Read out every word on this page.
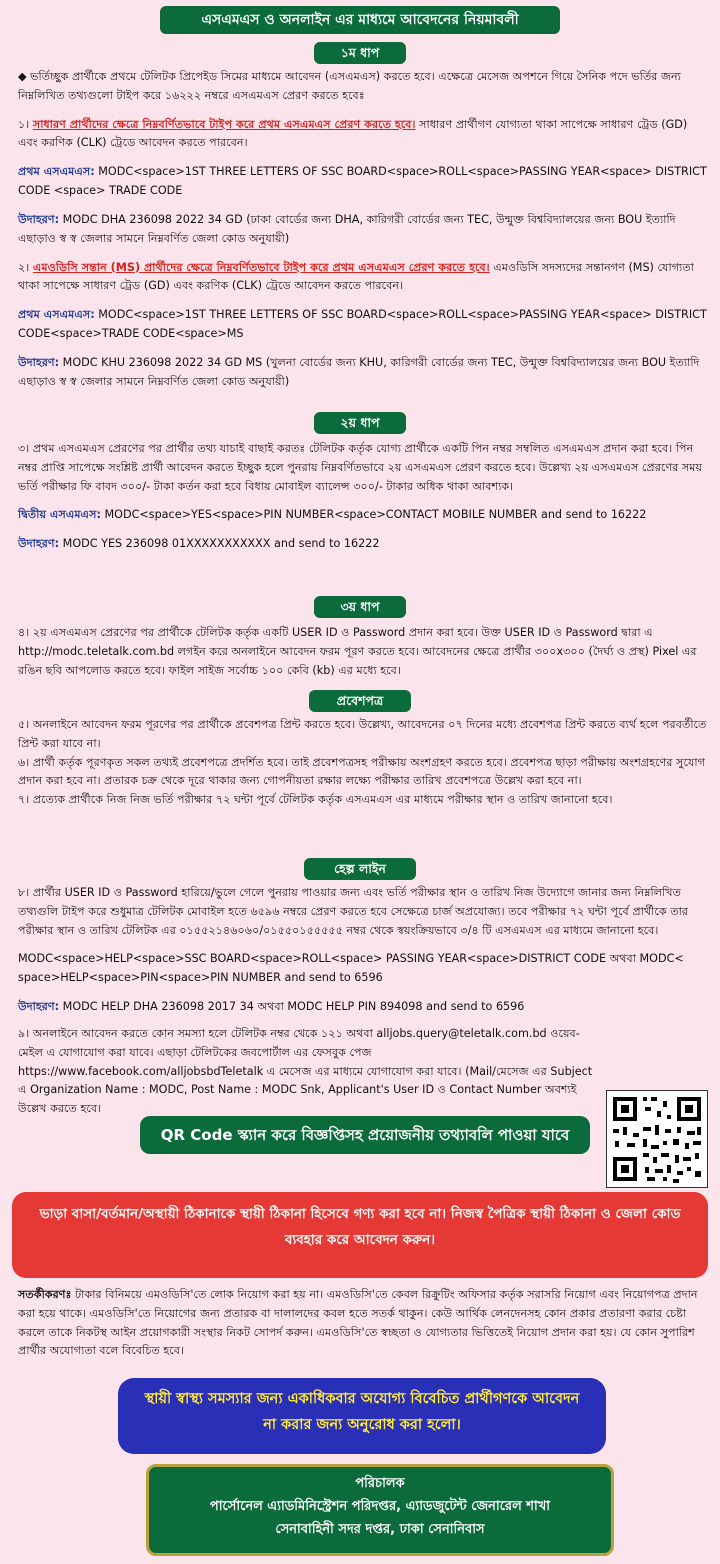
এসএমএস ও অনলাইন এর মাধ্যমে আবেদনের নিয়মাবলী
১ম ধাপ

◆ ভর্তিচ্ছুক প্রার্থীকে প্রথমে টেলিটক প্রিপেইড সিমের মাধ্যমে আবেদন (এসএমএস) করতে হবে। এক্ষেত্রে মেসেজ অপশনে গিয়ে সৈনিক পদে ভর্তির জন্য নিম্নলিখিত তথ্যগুলো টাইপ করে ১৬২২২ নম্বরে এসএমএস প্রেরণ করতে হবেঃ

১। সাধারণ প্রার্থীদের ক্ষেত্রে নিম্নবর্ণিতভাবে টাইপ করে প্রথম এসএমএস প্রেরণ করতে হবে। সাধারণ প্রার্থীগণ যোগ্যতা থাকা সাপেক্ষে সাধারণ ট্রেড (GD) এবং করণিক (CLK) ট্রেডে আবেদন করতে পারবেন।

প্রথম এসএমএস: MODC<space>1ST THREE LETTERS OF SSC BOARD<space>ROLL<space>PASSING YEAR<space> DISTRICT CODE <space> TRADE CODE

উদাহরণ: MODC DHA 236098 2022 34 GD (ঢাকা বোর্ডের জন্য DHA, কারিগরী বোর্ডের জন্য TEC, উন্মুক্ত বিশ্ববিদ্যালয়ের জন্য BOU ইত্যাদি এছাড়াও স্ব স্ব জেলার সামনে নিম্নবর্ণিত জেলা কোড অনুযায়ী)

২। এমওডিসি সন্তান (MS) প্রার্থীদের ক্ষেত্রে নিম্নবর্ণিতভাবে টাইপ করে প্রথম এসএমএস প্রেরণ করতে হবে। এমওডিসি সদস্যদের সন্তানগণ (MS) যোগ্যতা থাকা সাপেক্ষে সাধারণ ট্রেড (GD) এবং করণিক (CLK) ট্রেডে আবেদন করতে পারবেন।

প্রথম এসএমএস: MODC<space>1ST THREE LETTERS OF SSC BOARD<space>ROLL<space>PASSING YEAR<space> DISTRICT CODE<space>TRADE CODE<space>MS

উদাহরণ: MODC KHU 236098 2022 34 GD MS (খুলনা বোর্ডের জন্য KHU, কারিগরী বোর্ডের জন্য TEC, উন্মুক্ত বিশ্ববিদ্যালয়ের জন্য BOU ইত্যাদি এছাড়াও স্ব স্ব জেলার সামনে নিম্নবর্ণিত জেলা কোড অনুযায়ী)

২য় ধাপ

৩। প্রথম এসএমএস প্রেরণের পর প্রার্থীর তথ্য যাচাই বাছাই করতঃ টেলিটক কর্তৃক যোগ্য প্রার্থীকে একটি পিন নম্বর সম্বলিত এসএমএস প্রদান করা হবে। পিন নম্বর প্রাপ্তি সাপেক্ষে সংশ্লিষ্ট প্রার্থী আবেদন করতে ইচ্ছুক হলে পুনরায় নিম্নবর্ণিতভাবে ২য় এসএমএস প্রেরণ করতে হবে। উল্লেখ্য ২য় এসএমএস প্রেরণের সময় ভর্তি পরীক্ষার ফি বাবদ ৩০০/- টাকা কর্তন করা হবে বিধায় মোবাইল ব্যালেন্স ৩০০/- টাকার অধিক থাকা আবশ্যক।

দ্বিতীয় এসএমএস: MODC<space>YES<space>PIN NUMBER<space>CONTACT MOBILE NUMBER and send to 16222

উদাহরণ: MODC YES 236098 01XXXXXXXXXXX and send to 16222

৩য় ধাপ

৪। ২য় এসএমএস প্রেরণের পর প্রার্থীকে টেলিটক কর্তৃক একটি USER ID ও Password প্রদান করা হবে। উক্ত USER ID ও Password দ্বারা এ http://modc.teletalk.com.bd লগইন করে অনলাইনে আবেদন ফরম পূরণ করতে হবে। আবেদনের ক্ষেত্রে প্রার্থীর ৩০০x৩০০ (দৈর্ঘ্য ও প্রস্থ) Pixel এর রঙিন ছবি আপলোড করতে হবে। ফাইল সাইজ সর্বোচ্চ ১০০ কেবি (kb) এর মধ্যে হবে।

প্রবেশপত্র

৫। অনলাইনে আবেদন ফরম পূরণের পর প্রার্থীকে প্রবেশপত্র প্রিন্ট করতে হবে। উল্লেখ্য, আবেদনের ০৭ দিনের মধ্যে প্রবেশপত্র প্রিন্ট করতে ব্যর্থ হলে পরবর্তীতে প্রিন্ট করা যাবে না।

৬। প্রার্থী কর্তৃক পূরণকৃত সকল তথ্যই প্রবেশপত্রে প্রদর্শিত হবে। তাই প্রবেশপত্রসহ পরীক্ষায় অংশগ্রহণ করতে হবে। প্রবেশপত্র ছাড়া পরীক্ষায় অংশগ্রহণের সুযোগ প্রদান করা হবে না। প্রতারক চক্র থেকে দূরে থাকার জন্য গোপনীয়তা রক্ষার লক্ষ্যে পরীক্ষার তারিখ প্রবেশপত্রে উল্লেখ করা হবে না।

৭। প্রত্যেক প্রার্থীকে নিজ নিজ ভর্তি পরীক্ষার ৭২ ঘন্টা পূর্বে টেলিটক কর্তৃক এসএমএস এর মাধ্যমে পরীক্ষার স্থান ও তারিখ জানানো হবে।

হেল্প লাইন

৮। প্রার্থীর USER ID ও Password হারিয়ে/ভুলে গেলে পুনরায় পাওয়ার জন্য এবং ভর্তি পরীক্ষার স্থান ও তারিখ নিজ উদ্যোগে জানার জন্য নিম্নলিখিত তথ্যগুলি টাইপ করে শুধুমাত্র টেলিটক মোবাইল হতে ৬৫৯৬ নম্বরে প্রেরণ করতে হবে সেক্ষেত্রে চার্জ অপ্রযোজ্য। তবে পরীক্ষার ৭২ ঘন্টা পূর্বে প্রার্থীকে তার পরীক্ষার স্থান ও তারিখ টেলিটক এর ০১৫৫২১৪৬০৬০/০১৫৫০১৫৫৫৫৫ নম্বর থেকে স্বয়ংক্রিয়ভাবে ৩/৪ টি এসএমএস এর মাধ্যমে জানানো হবে।

MODC<space>HELP<space>SSC BOARD<space>ROLL<space> PASSING YEAR<space>DISTRICT CODE অথবা MODC< space>HELP<space>PIN<space>PIN NUMBER and send to 6596

উদাহরণ: MODC HELP DHA 236098 2017 34 অথবা MODC HELP PIN 894098 and send to 6596

৯। অনলাইনে আবেদন করতে কোন সমস্যা হলে টেলিটক নম্বর থেকে ১২১ অথবা alljobs.query@teletalk.com.bd ওয়েব-মেইল এ যোগাযোগ করা যাবে। এছাড়া টেলিটকের জবপোর্টাল এর ফেসবুক পেজ https://www.facebook.com/alljobsbdTeletalk এ মেসেজ এর মাধ্যমে যোগাযোগ করা যাবে। (Mail/মেসেজ এর Subject এ Organization Name : MODC, Post Name : MODC Snk, Applicant's User ID ও Contact Number অবশ্যই উল্লেখ করতে হবে।

QR Code স্ক্যান করে বিজ্ঞপ্তিসহ প্রয়োজনীয় তথ্যাবলি পাওয়া যাবে
ভাড়া বাসা/বর্তমান/অস্থায়ী ঠিকানাকে স্থায়ী ঠিকানা হিসেবে গণ্য করা হবে না। নিজস্ব পৈত্রিক স্থায়ী ঠিকানা ও জেলা কোড ব্যবহার করে আবেদন করুন।

সতর্কীকরণঃ টাকার বিনিময়ে এমওডিসি'তে লোক নিয়োগ করা হয় না। এমওডিসি'তে কেবল রিক্রুটিং অফিসার কর্তৃক সরাসরি নিয়োগ এবং নিয়োগপত্র প্রদান করা হয়ে থাকে। এমওডিসি'তে নিয়োগের জন্য প্রতারক বা দালালদের কবল হতে সতর্ক থাকুন। কেউ আর্থিক লেনদেনসহ কোন প্রকার প্রতারণা করার চেষ্টা করলে তাকে নিকটস্থ আইন প্রয়োগকারী সংস্থার নিকট সোপর্দ করুন। এমওডিসি'তে স্বচ্ছতা ও যোগ্যতার ভিত্তিতেই নিয়োগ প্রদান করা হয়। যে কোন সুপারিশ প্রার্থীর অযোগ্যতা বলে বিবেচিত হবে।

স্থায়ী স্বাস্থ্য সমস্যার জন্য একাধিকবার অযোগ্য বিবেচিত প্রার্থীগণকে আবেদন না করার জন্য অনুরোধ করা হলো।
পরিচালক
পার্সোনেল এ্যাডমিনিস্ট্রেশন পরিদপ্তর, এ্যাডজুটেন্ট জেনারেল শাখা
সেনাবাহিনী সদর দপ্তর, ঢাকা সেনানিবাস
